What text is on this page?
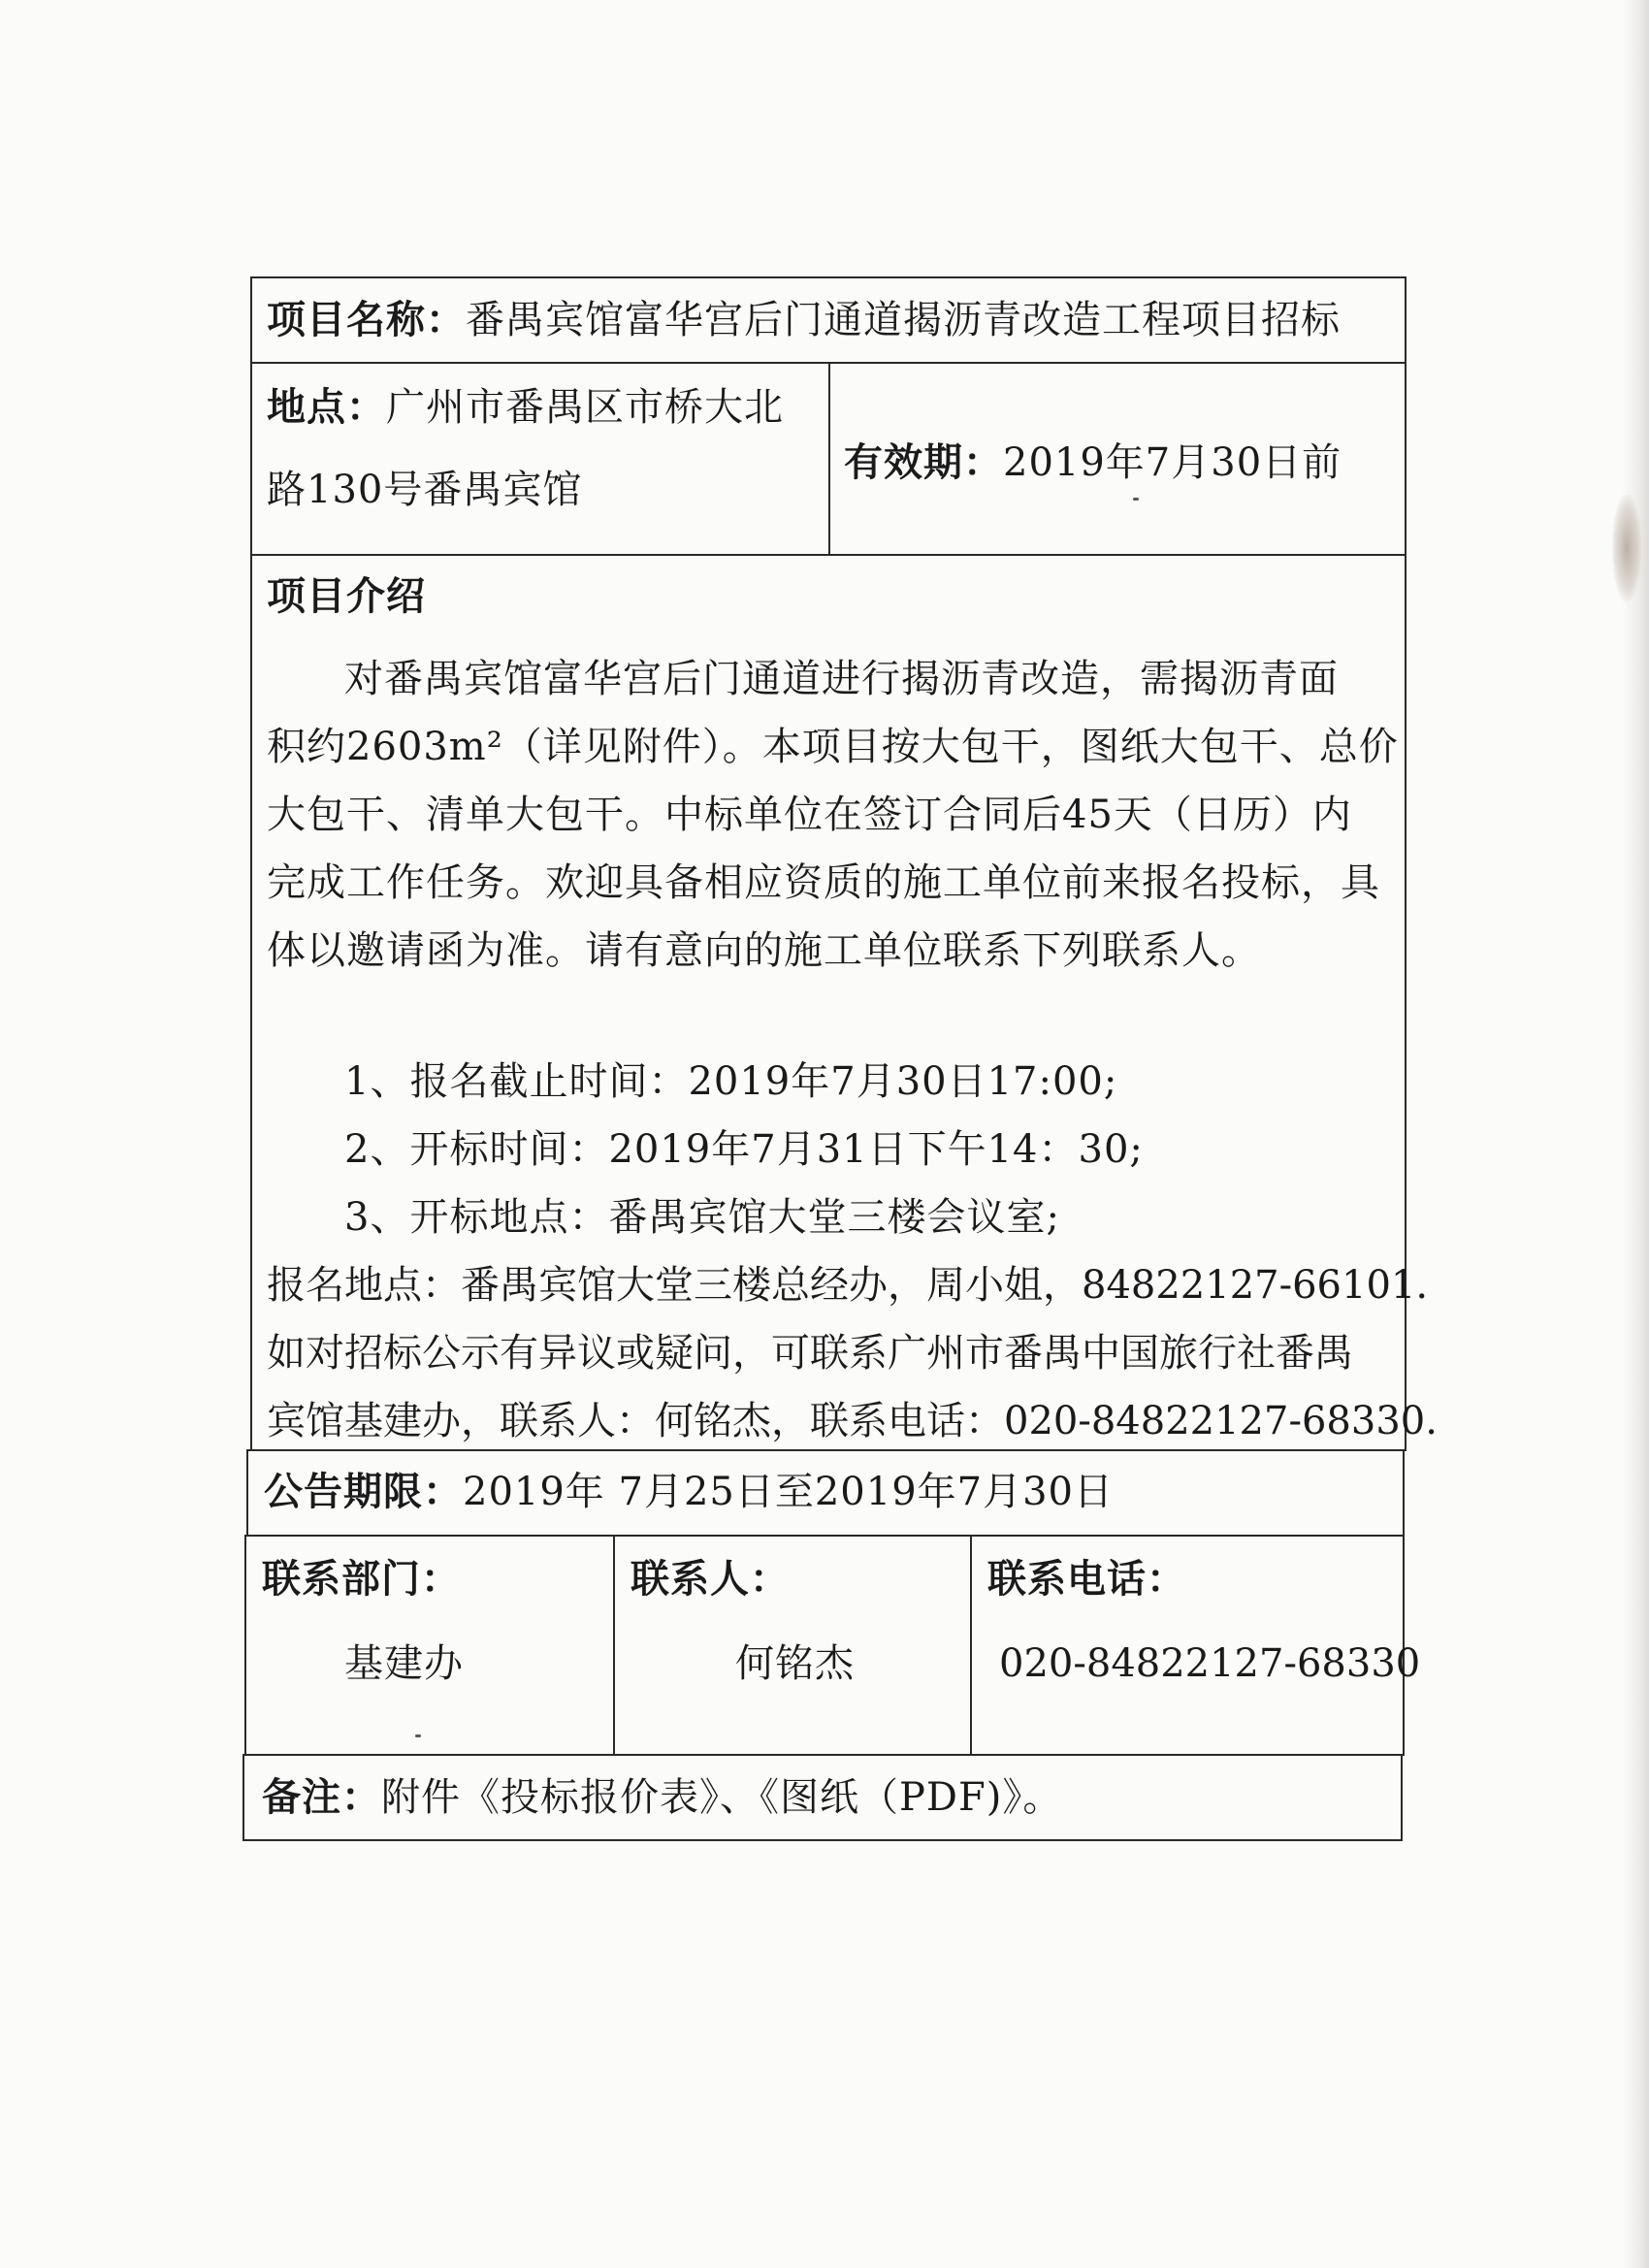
项目名称：番禺宾馆富华宫后门通道揭沥青改造工程项目招标
地点：广州市番禺区市桥大北
路130号番禺宾馆
有效期：2019年7月30日前
项目介绍
对番禺宾馆富华宫后门通道进行揭沥青改造，需揭沥青面
积约2603m²（详见附件）。本项目按大包干，图纸大包干、总价
大包干、清单大包干。中标单位在签订合同后45天（日历）内
完成工作任务。欢迎具备相应资质的施工单位前来报名投标，具
体以邀请函为准。请有意向的施工单位联系下列联系人。
1、报名截止时间：2019年7月30日17:00;
2、开标时间：2019年7月31日下午14：30;
3、开标地点：番禺宾馆大堂三楼会议室;
报名地点：番禺宾馆大堂三楼总经办，周小姐，84822127-66101.
如对招标公示有异议或疑问，可联系广州市番禺中国旅行社番禺
宾馆基建办，联系人：何铭杰，联系电话：020-84822127-68330.
公告期限：2019年 7月25日至2019年7月30日
联系部门：
基建办
联系人：
何铭杰
联系电话：
020-84822127-68330
备注：附件《投标报价表》、《图纸（PDF)》。
